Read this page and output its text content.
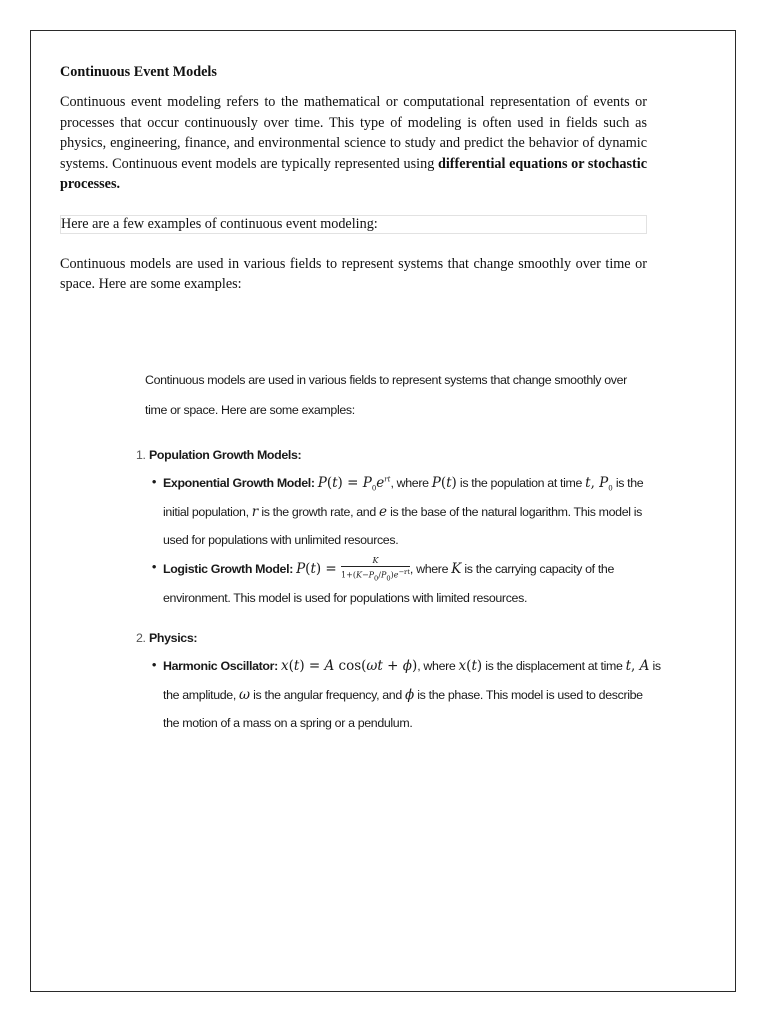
Continuous Event Models

Continuous event modeling refers to the mathematical or computational representation of events or processes that occur continuously over time. This type of modeling is often used in fields such as physics, engineering, finance, and environmental science to study and predict the behavior of dynamic systems. Continuous event models are typically represented using differential equations or stochastic processes.

Here are a few examples of continuous event modeling:

Continuous models are used in various fields to represent systems that change smoothly over time or space. Here are some examples:

Continuous models are used in various fields to represent systems that change smoothly over
time or space. Here are some examples:
1. Population Growth Models:
• Exponential Growth Model: $P(t) = P_0e^{rt}$, where P(t) is the population at time t, $P_0$ is the
initial population, r is the growth rate, and e is the base of the natural logarithm. This model is
used for populations with unlimited resources.
• Logistic Growth Model: $P(t) = \frac{K}{1+(K-P_0/P_0)e^{-rt}}$ , where K is the carrying capacity of the
environment. This model is used for populations with limited resources.
2. Physics:
• Harmonic Oscillator: x(t) = A cos(ωt + ϕ), where x(t) is the displacement at time t, A is
the amplitude, ω is the angular frequency, and ϕ is the phase. This model is used to describe
the motion of a mass on a spring or a pendulum.
